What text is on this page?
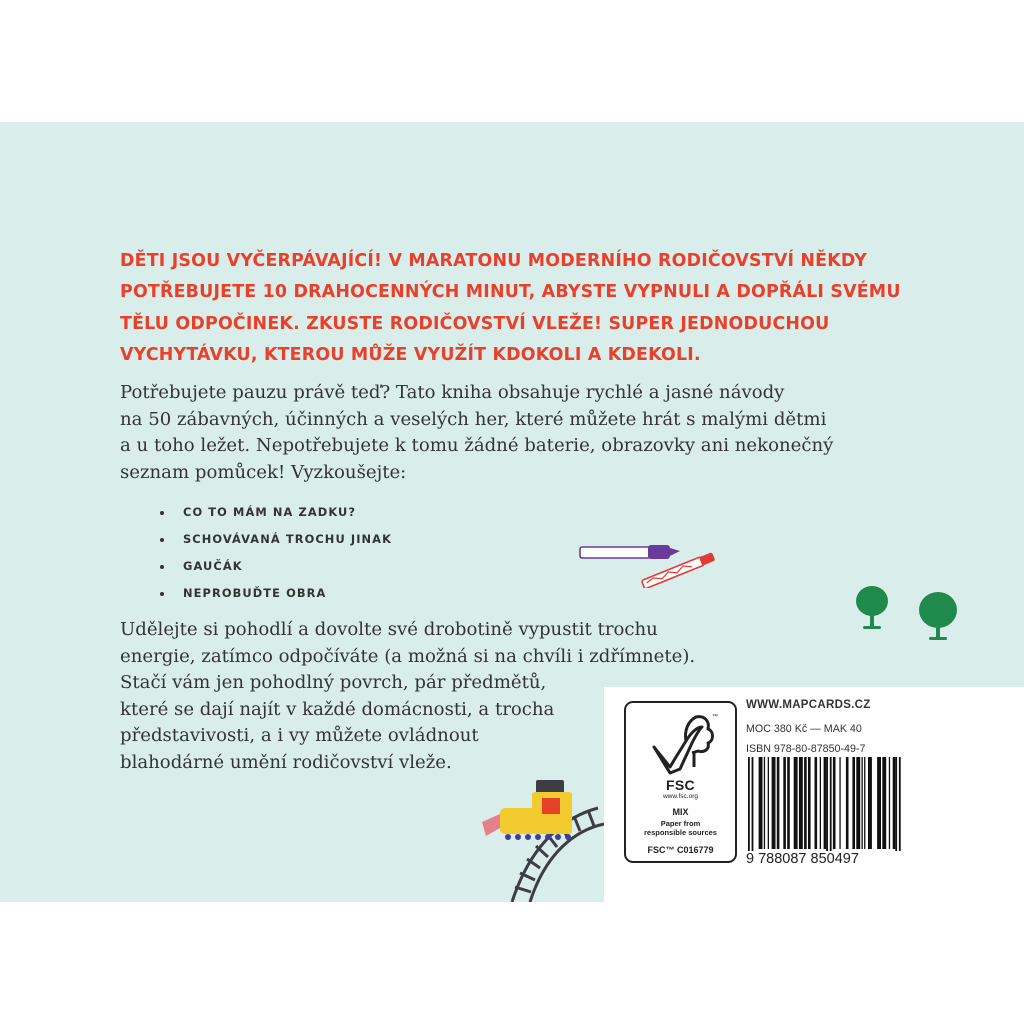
DĚTI JSOU VYČERPÁVAJÍCÍ! V MARATONU MODERNÍHO RODIČOVSTVÍ NĚKDY
POTŘEBUJETE 10 DRAHOCENNÝCH MINUT, ABYSTE VYPNULI A DOPŘÁLI SVÉMU
TĚLU ODPOČINEK. ZKUSTE RODIČOVSTVÍ VLEŽE! SUPER JEDNODUCHOU
VYCHYTÁVKU, KTEROU MŮŽE VYUŽÍT KDOKOLI A KDEKOLI.
Potřebujete pauzu právě teď? Tato kniha obsahuje rychlé a jasné návody
na 50 zábavných, účinných a veselých her, které můžete hrát s malými dětmi
a u toho ležet. Nepotřebujete k tomu žádné baterie, obrazovky ani nekonečný
seznam pomůcek! Vyzkoušejte:
CO TO MÁM NA ZADKU?
SCHOVÁVANÁ TROCHU JINAK
GAUČÁK
NEPROBUĎTE OBRA
Udělejte si pohodlí a dovolte své drobotině vypustit trochu
energie, zatímco odpočíváte (a možná si na chvíli i zdřímnete).
Stačí vám jen pohodlný povrch, pár předmětů,
které se dají najít v každé domácnosti, a trocha
představivosti, a i vy můžete ovládnout
blahodárné umění rodičovství vleže.
™
FSC
www.fsc.org
MIX
Paper from
responsible sources
FSC™ C016779
WWW.MAPCARDS.CZ
MOC 380 Kč — MAK 40
ISBN 978-80-87850-49-7
9 788087 850497
